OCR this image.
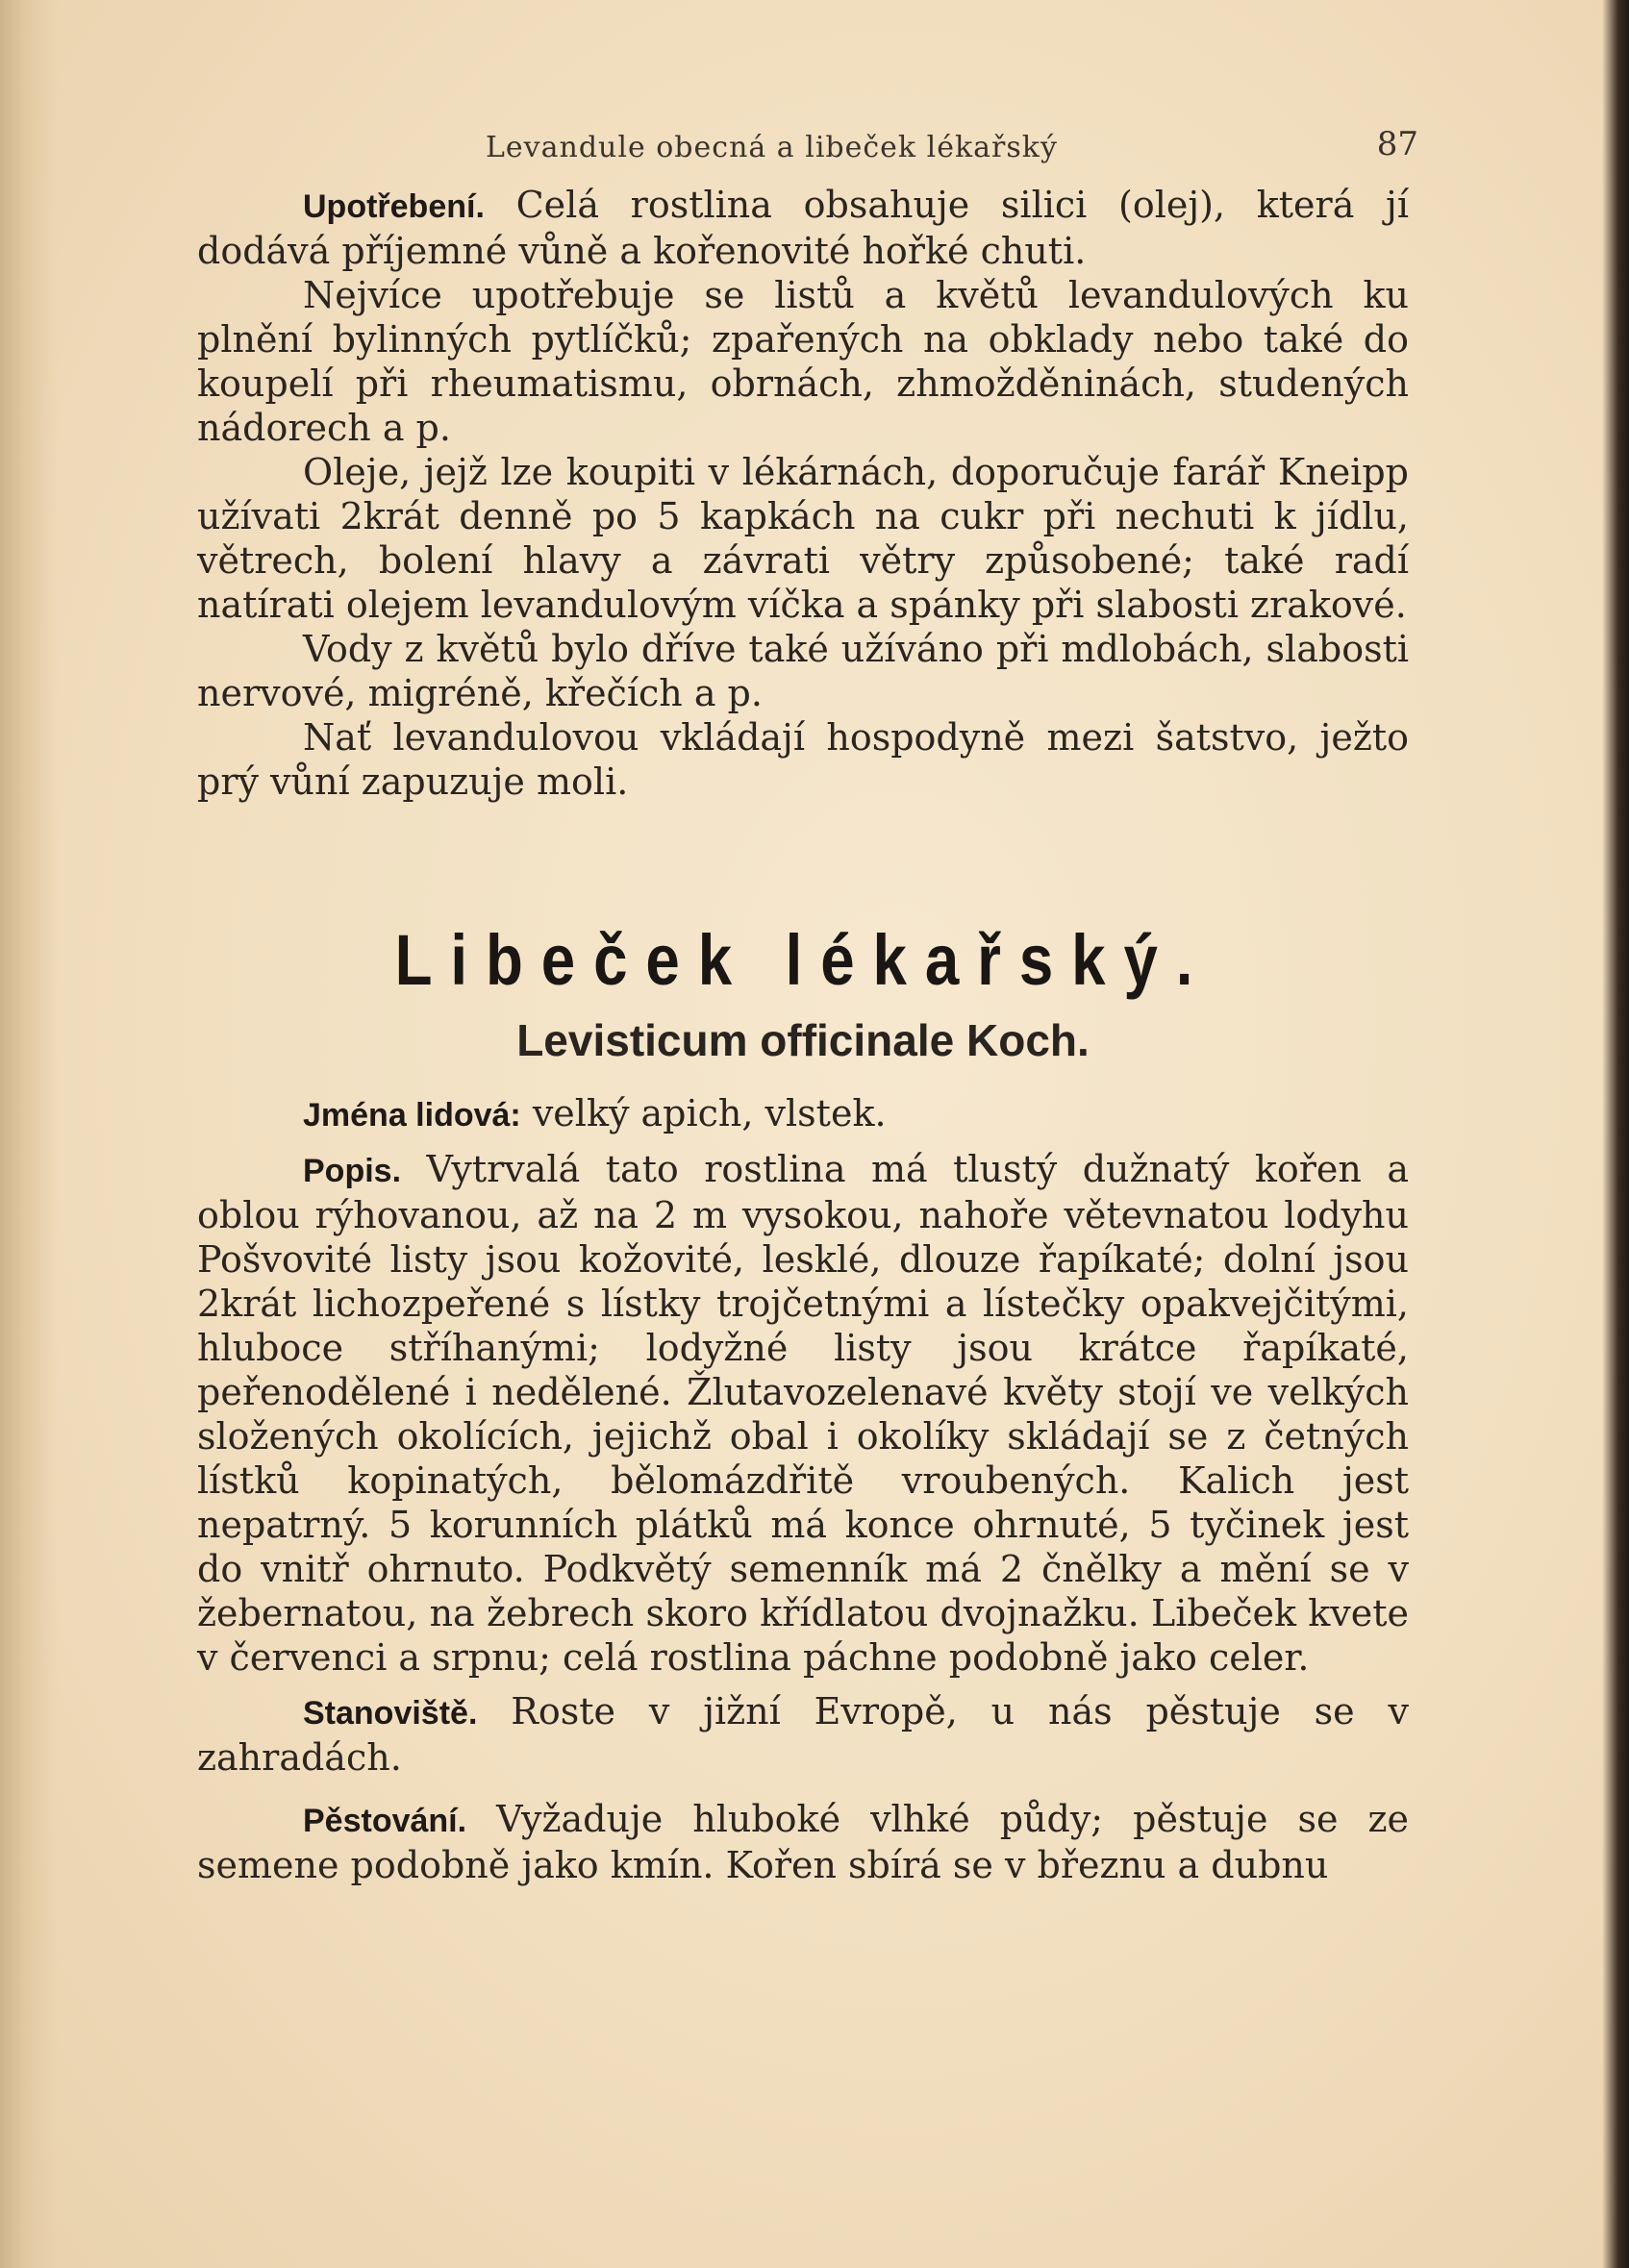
Levandule obecná a libeček lékařský	87

Upotřebení. Celá rostlina obsahuje silici (olej), která jí dodává příjemné vůně a kořenovité hořké chuti.

Nejvíce upotřebuje se listů a květů levandulových ku plnění bylinných pytlíčků; zpařených na obklady nebo také do koupelí při rheumatismu, obrnách, zhmožděninách, studených nádorech a p.

Oleje, jejž lze koupiti v lékárnách, doporučuje farář Kneipp užívati 2krát denně po 5 kapkách na cukr při nechuti k jídlu, větrech, bolení hlavy a závrati větry způsobené; také radí natírati olejem levandulovým víčka a spánky při slabosti zrakové.

Vody z květů bylo dříve také užíváno při mdlobách, slabosti nervové, migréně, křečích a p.

Nať levandulovou vkládají hospodyně mezi šatstvo, ježto prý vůní zapuzuje moli.

Libeček lékařský.
Levisticum officinale Koch.

Jména lidová: velký apich, vlstek.

Popis. Vytrvalá tato rostlina má tlustý dužnatý kořen a oblou rýhovanou, až na 2 m vysokou, nahoře větevnatou lodyhu Pošvovité listy jsou kožovité, lesklé, dlouze řapíkaté; dolní jsou 2krát lichozpeřené s lístky trojčetnými a lístečky opakvejčitými, hluboce stříhanými; lodyžné listy jsou krátce řapíkaté, peřenodělené i nedělené. Žlutavozelenavé květy stojí ve velkých složených okolících, jejichž obal i okolíky skládají se z četných lístků kopinatých, bělomázdřitě vroubených. Kalich jest nepatrný. 5 korunních plátků má konce ohrnuté, 5 tyčinek jest do vnitř ohrnuto. Podkvětý semenník má 2 čnělky a mění se v žebernatou, na žebrech skoro křídlatou dvojnažku. Libeček kvete v červenci a srpnu; celá rostlina páchne podobně jako celer.

Stanoviště. Roste v jižní Evropě, u nás pěstuje se v zahradách.

Pěstování. Vyžaduje hluboké vlhké půdy; pěstuje se ze semene podobně jako kmín. Kořen sbírá se v březnu a dubnu
